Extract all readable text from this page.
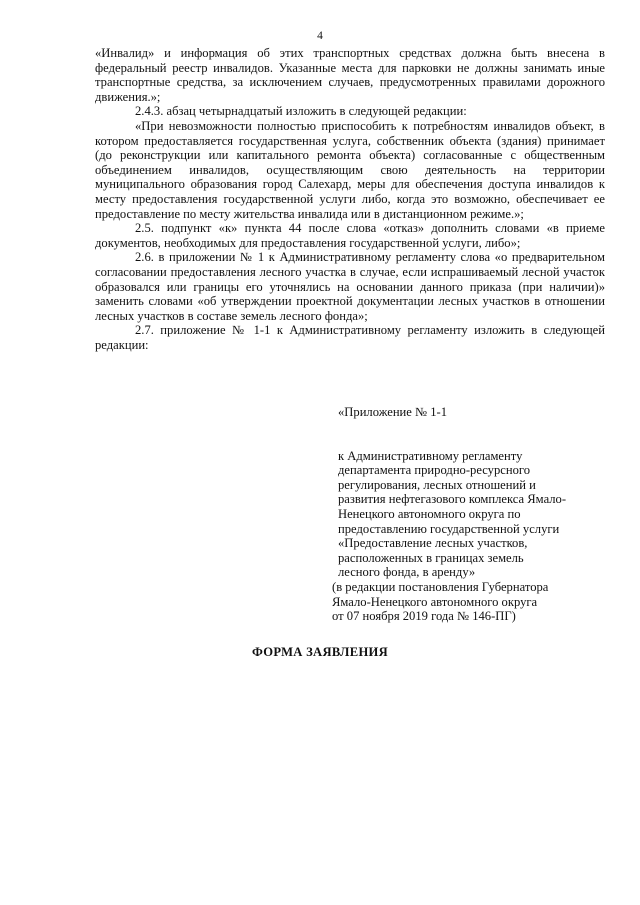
4

«Инвалид» и информация об этих транспортных средствах должна быть внесена в федеральный реестр инвалидов. Указанные места для парковки не должны занимать иные транспортные средства, за исключением случаев, предусмотренных правилами дорожного движения.»;

2.4.3. абзац четырнадцатый изложить в следующей редакции:

«При невозможности полностью приспособить к потребностям инвалидов объект, в котором предоставляется государственная услуга, собственник объекта (здания) принимает (до реконструкции или капитального ремонта объекта) согласованные с общественным объединением инвалидов, осуществляющим свою деятельность на территории муниципального образования город Салехард, меры для обеспечения доступа инвалидов к месту предоставления государственной услуги либо, когда это возможно, обеспечивает ее предоставление по месту жительства инвалида или в дистанционном режиме.»;

2.5. подпункт «к» пункта 44 после слова «отказ» дополнить словами «в приеме документов, необходимых для предоставления государственной услуги, либо»;

2.6. в приложении № 1 к Административному регламенту слова «о предварительном согласовании предоставления лесного участка в случае, если испрашиваемый лесной участок образовался или границы его уточнялись на основании данного приказа (при наличии)» заменить словами «об утверждении проектной документации лесных участков в отношении лесных участков в составе земель лесного фонда»;

2.7. приложение № 1-1 к Административному регламенту изложить в следующей редакции:

«Приложение № 1-1
к Административному регламенту
департамента природно-ресурсного
регулирования, лесных отношений и
развития нефтегазового комплекса Ямало-
Ненецкого автономного округа по
предоставлению государственной услуги
«Предоставление лесных участков,
расположенных в границах земель
лесного фонда, в аренду»
(в редакции постановления Губернатора
Ямало-Ненецкого автономного округа
от 07 ноября 2019 года № 146-ПГ)
ФОРМА ЗАЯВЛЕНИЯ
